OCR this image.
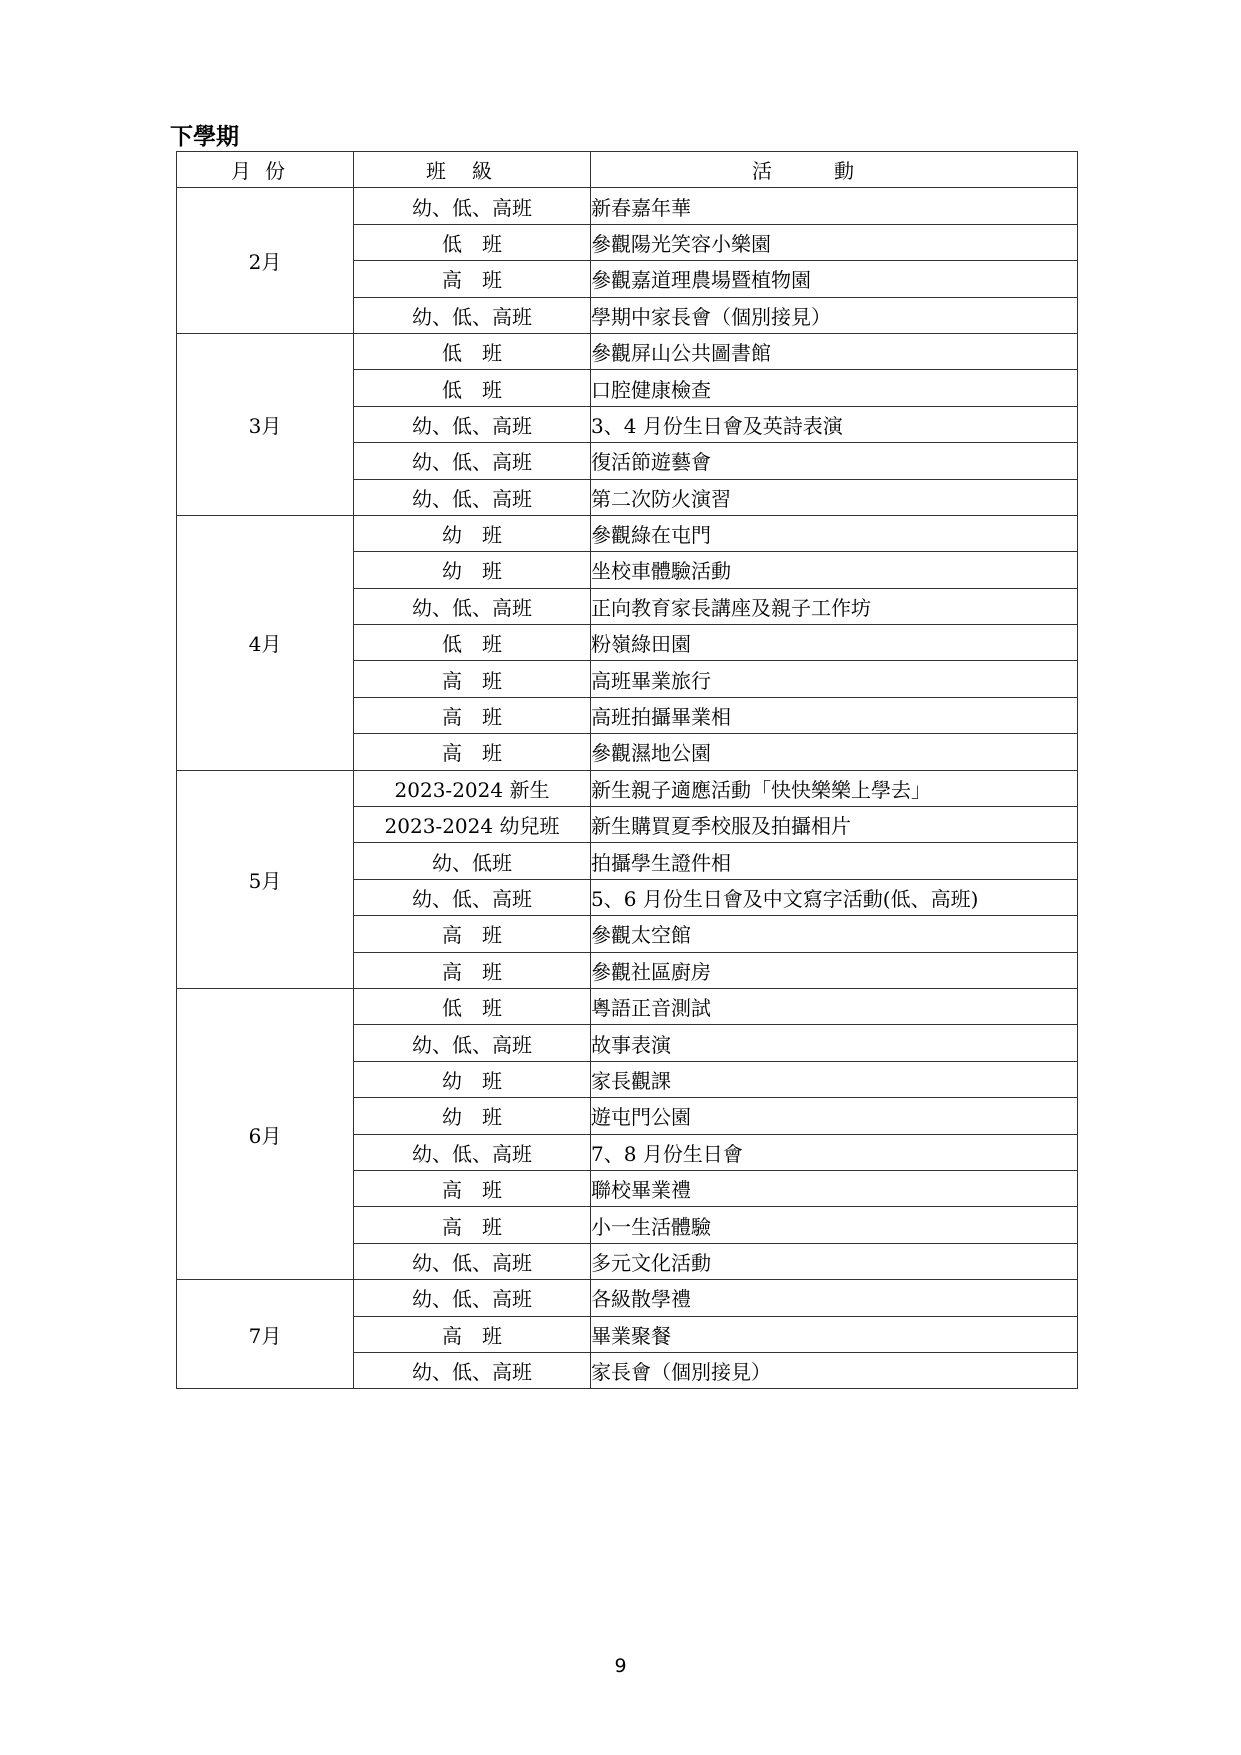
下學期
月份	班級	活動
2月	幼、低、高班	新春嘉年華
	低　班	參觀陽光笑容小樂園
	高　班	參觀嘉道理農場暨植物園
	幼、低、高班	學期中家長會（個別接見）
3月	低　班	參觀屏山公共圖書館
	低　班	口腔健康檢查
	幼、低、高班	3、4 月份生日會及英詩表演
	幼、低、高班	復活節遊藝會
	幼、低、高班	第二次防火演習
4月	幼　班	參觀綠在屯門
	幼　班	坐校車體驗活動
	幼、低、高班	正向教育家長講座及親子工作坊
	低　班	粉嶺綠田園
	高　班	高班畢業旅行
	高　班	高班拍攝畢業相
	高　班	參觀濕地公園
5月	2023-2024 新生	新生親子適應活動「快快樂樂上學去」
	2023-2024 幼兒班	新生購買夏季校服及拍攝相片
	幼、低班	拍攝學生證件相
	幼、低、高班	5、6 月份生日會及中文寫字活動(低、高班)
	高　班	參觀太空館
	高　班	參觀社區廚房
6月	低　班	粵語正音測試
	幼、低、高班	故事表演
	幼　班	家長觀課
	幼　班	遊屯門公園
	幼、低、高班	7、8 月份生日會
	高　班	聯校畢業禮
	高　班	小一生活體驗
	幼、低、高班	多元文化活動
7月	幼、低、高班	各級散學禮
	高　班	畢業聚餐
	幼、低、高班	家長會（個別接見）
9
